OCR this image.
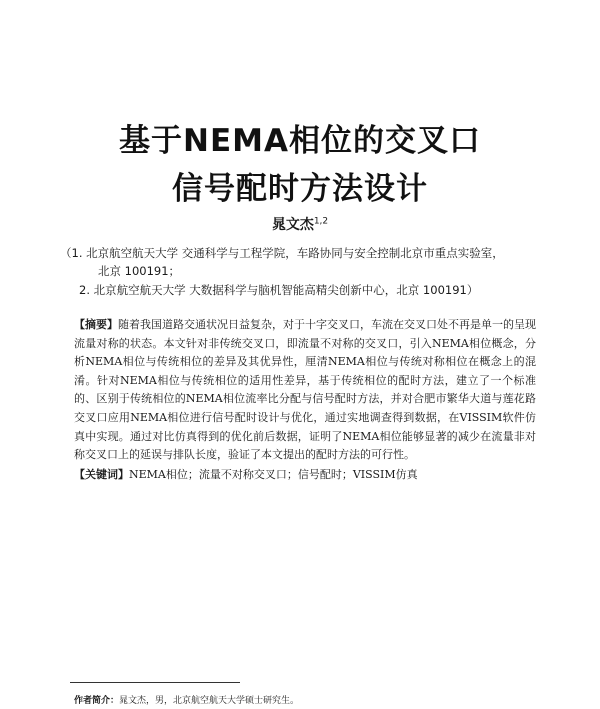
基于NEMA相位的交叉口
信号配时方法设计
晁文杰$^{1,2}$
（1. 北京航空航天大学 交通科学与工程学院，车路协同与安全控制北京市重点实验室，
北京 100191；
2. 北京航空航天大学 大数据科学与脑机智能高精尖创新中心，北京 100191）
【摘要】随着我国道路交通状况日益复杂，对于十字交叉口，车流在交叉口处不再是单一的呈现流量对称的状态。本文针对非传统交叉口，即流量不对称的交叉口，引入NEMA相位概念，分析NEMA相位与传统相位的差异及其优异性，厘清NEMA相位与传统对称相位在概念上的混淆。针对NEMA相位与传统相位的适用性差异，基于传统相位的配时方法，建立了一个标准的、区别于传统相位的NEMA相位流率比分配与信号配时方法，并对合肥市繁华大道与莲花路交叉口应用NEMA相位进行信号配时设计与优化，通过实地调查得到数据，在VISSIM软件仿真中实现。通过对比仿真得到的优化前后数据，证明了NEMA相位能够显著的减少在流量非对称交叉口上的延误与排队长度，验证了本文提出的配时方法的可行性。
【关键词】NEMA相位；流量不对称交叉口；信号配时；VISSIM仿真
作者简介：晁文杰，男，北京航空航天大学硕士研究生。
